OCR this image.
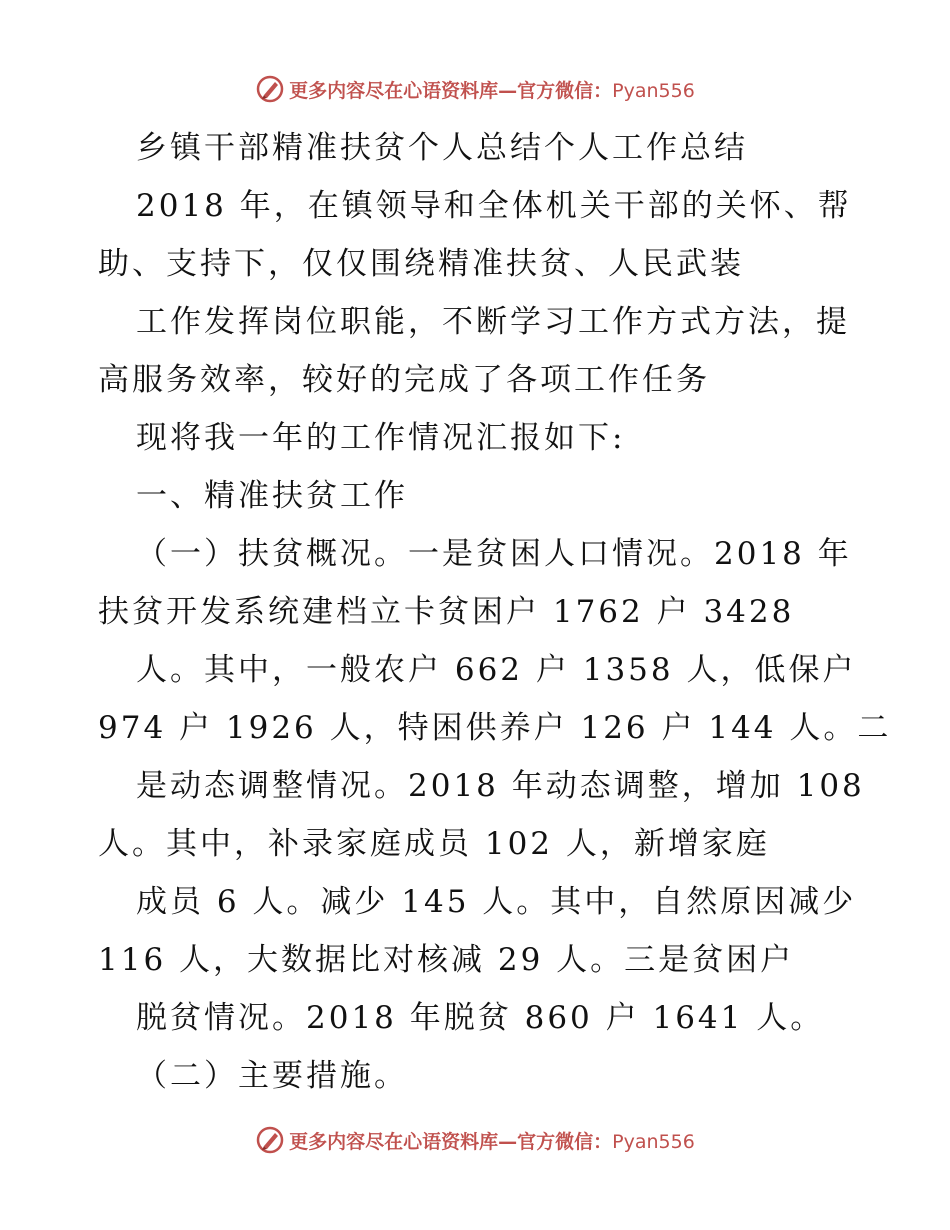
更多内容尽在心语资料库—官方微信：Pyan556
乡镇干部精准扶贫个人总结个人工作总结
2018 年，在镇领导和全体机关干部的关怀、帮
助、支持下，仅仅围绕精准扶贫、人民武装
工作发挥岗位职能，不断学习工作方式方法，提
高服务效率，较好的完成了各项工作任务
现将我一年的工作情况汇报如下:
一、精准扶贫工作
（一）扶贫概况。一是贫困人口情况。2018 年
扶贫开发系统建档立卡贫困户 1762 户 3428
人。其中，一般农户 662 户 1358 人，低保户
974 户 1926 人，特困供养户 126 户 144 人。二
是动态调整情况。2018 年动态调整，增加 108
人。其中，补录家庭成员 102 人，新增家庭
成员 6 人。减少 145 人。其中，自然原因减少
116 人，大数据比对核减 29 人。三是贫困户
脱贫情况。2018 年脱贫 860 户 1641 人。
（二）主要措施。
更多内容尽在心语资料库—官方微信：Pyan556
